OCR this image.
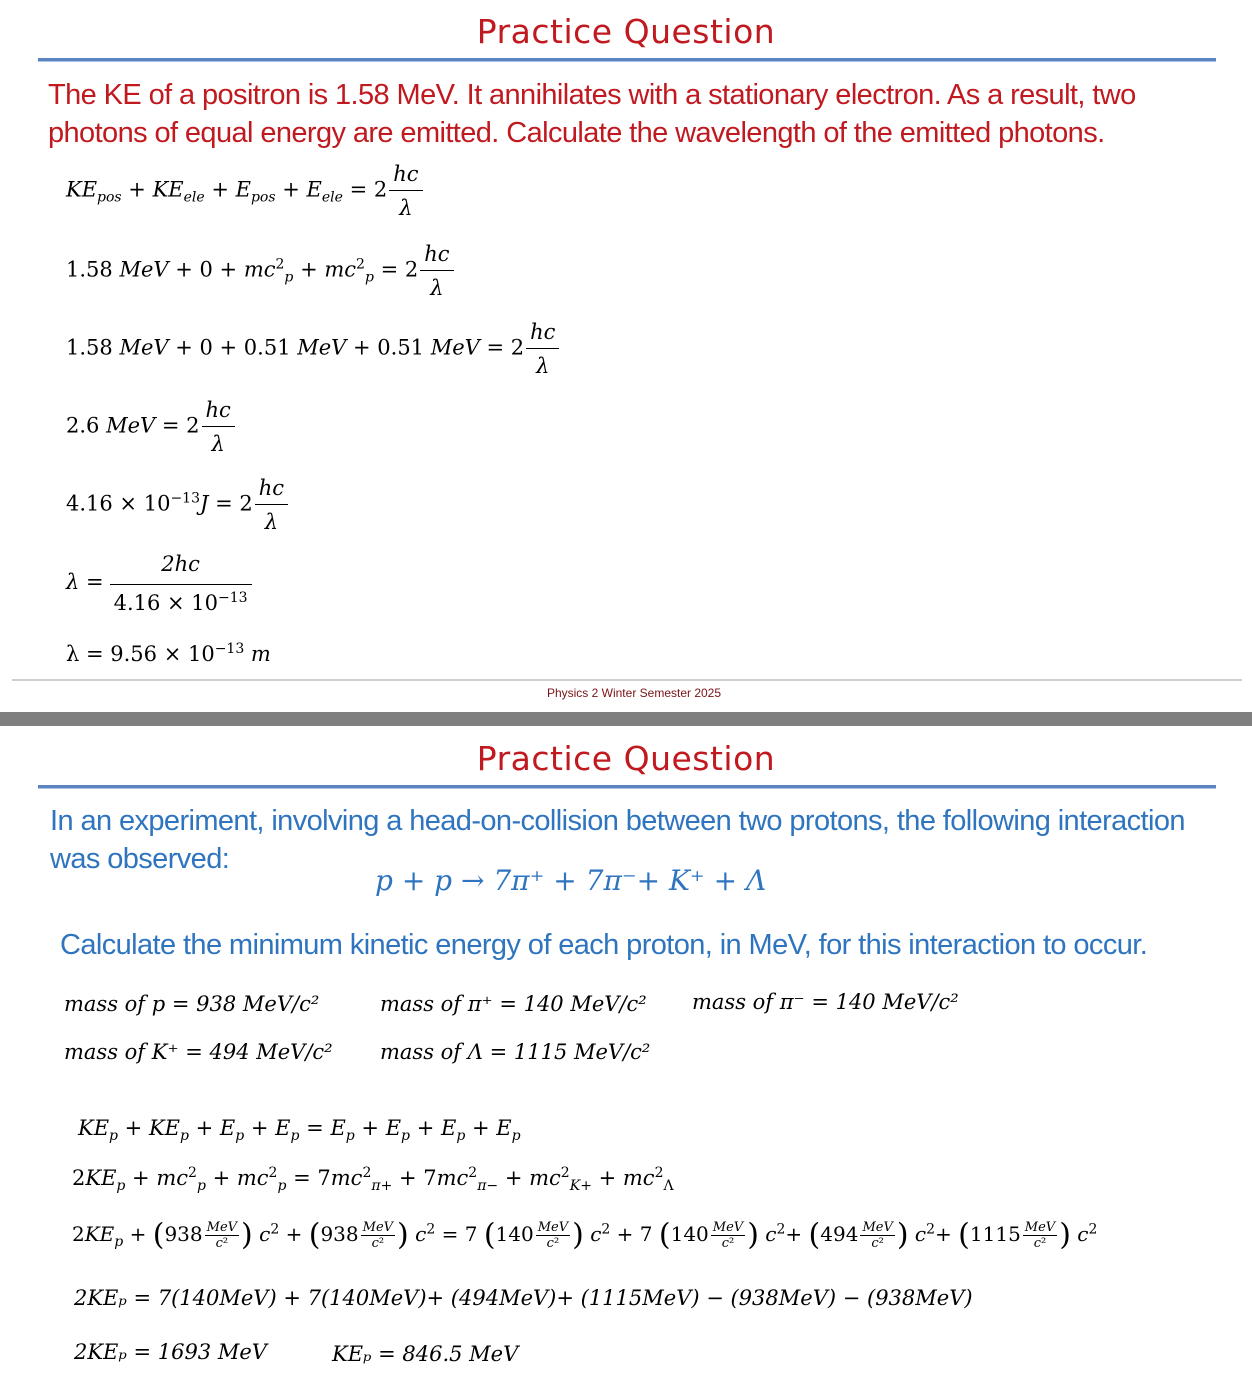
Practice Question
The KE of a positron is 1.58 MeV. It annihilates with a stationary electron. As a result, two photons of equal energy are emitted. Calculate the wavelength of the emitted photons.
$KE_{pos} + KE_{ele} + E_{pos} + E_{ele} = 2 \frac{hc}{\lambda}$
1.58 MeV + $0 + mc^2_p + mc^2_p = 2 \frac{hc}{\lambda}$
1.58 MeV + 0 + 0.51 MeV + 0.51 MeV = $2 \frac{hc}{\lambda}$
2.6 MeV = $2 \frac{hc}{\lambda}$
$4.16 \times 10^{-13}J = 2 \frac{hc}{\lambda}$
$\lambda = \frac{2hc}{4.16 \times 10^{-13}}$
$\lambda = 9.56 \times 10^{-13}$ m
Physics 2 Winter Semester 2025
Practice Question
In an experiment, involving a head-on-collision between two protons, the following interaction was observed:
p + p → 7π⁺ + 7π⁻+ K⁺ + Λ
Calculate the minimum kinetic energy of each proton, in MeV, for this interaction to occur.
mass of p = 938 MeV/c²	mass of π⁺ = 140 MeV/c² mass of π⁻ = 140 MeV/c²
mass of K⁺ = 494 MeV/c² mass of Λ = 1115 MeV/c²
$KE_p + KE_p + E_p + E_p = E_p + E_p + E_p + E_p$
$2KE_p + mc^2_p + mc^2_p = 7mc^2_{\pi+} + 7mc^2_{\pi-} + mc^2_{K+} + mc^2_\Lambda$
$2KE_p + (938 \frac{\text{MeV}}{\text{c²}}$ ) $c^2 + (938 \frac{\text{MeV}}{\text{c²}}$ ) $c^2 = 7$ ($140 \frac{\text{MeV}}{\text{c²}}$ ) $c^2 + 7$ ($140 \frac{\text{MeV}}{\text{c²}}$ ) $c^2+ (494 \frac{\text{MeV}}{\text{c²}}$ ) $c^2+ (1115 \frac{\text{MeV}}{\text{c²}}$ ) $c^2$
2KEₚ = 7(140MeV) + 7(140MeV)+ (494MeV)+ (1115MeV) − (938MeV) − (938MeV)
2KEₚ = 1693 MeV	KEₚ = 846.5 MeV
